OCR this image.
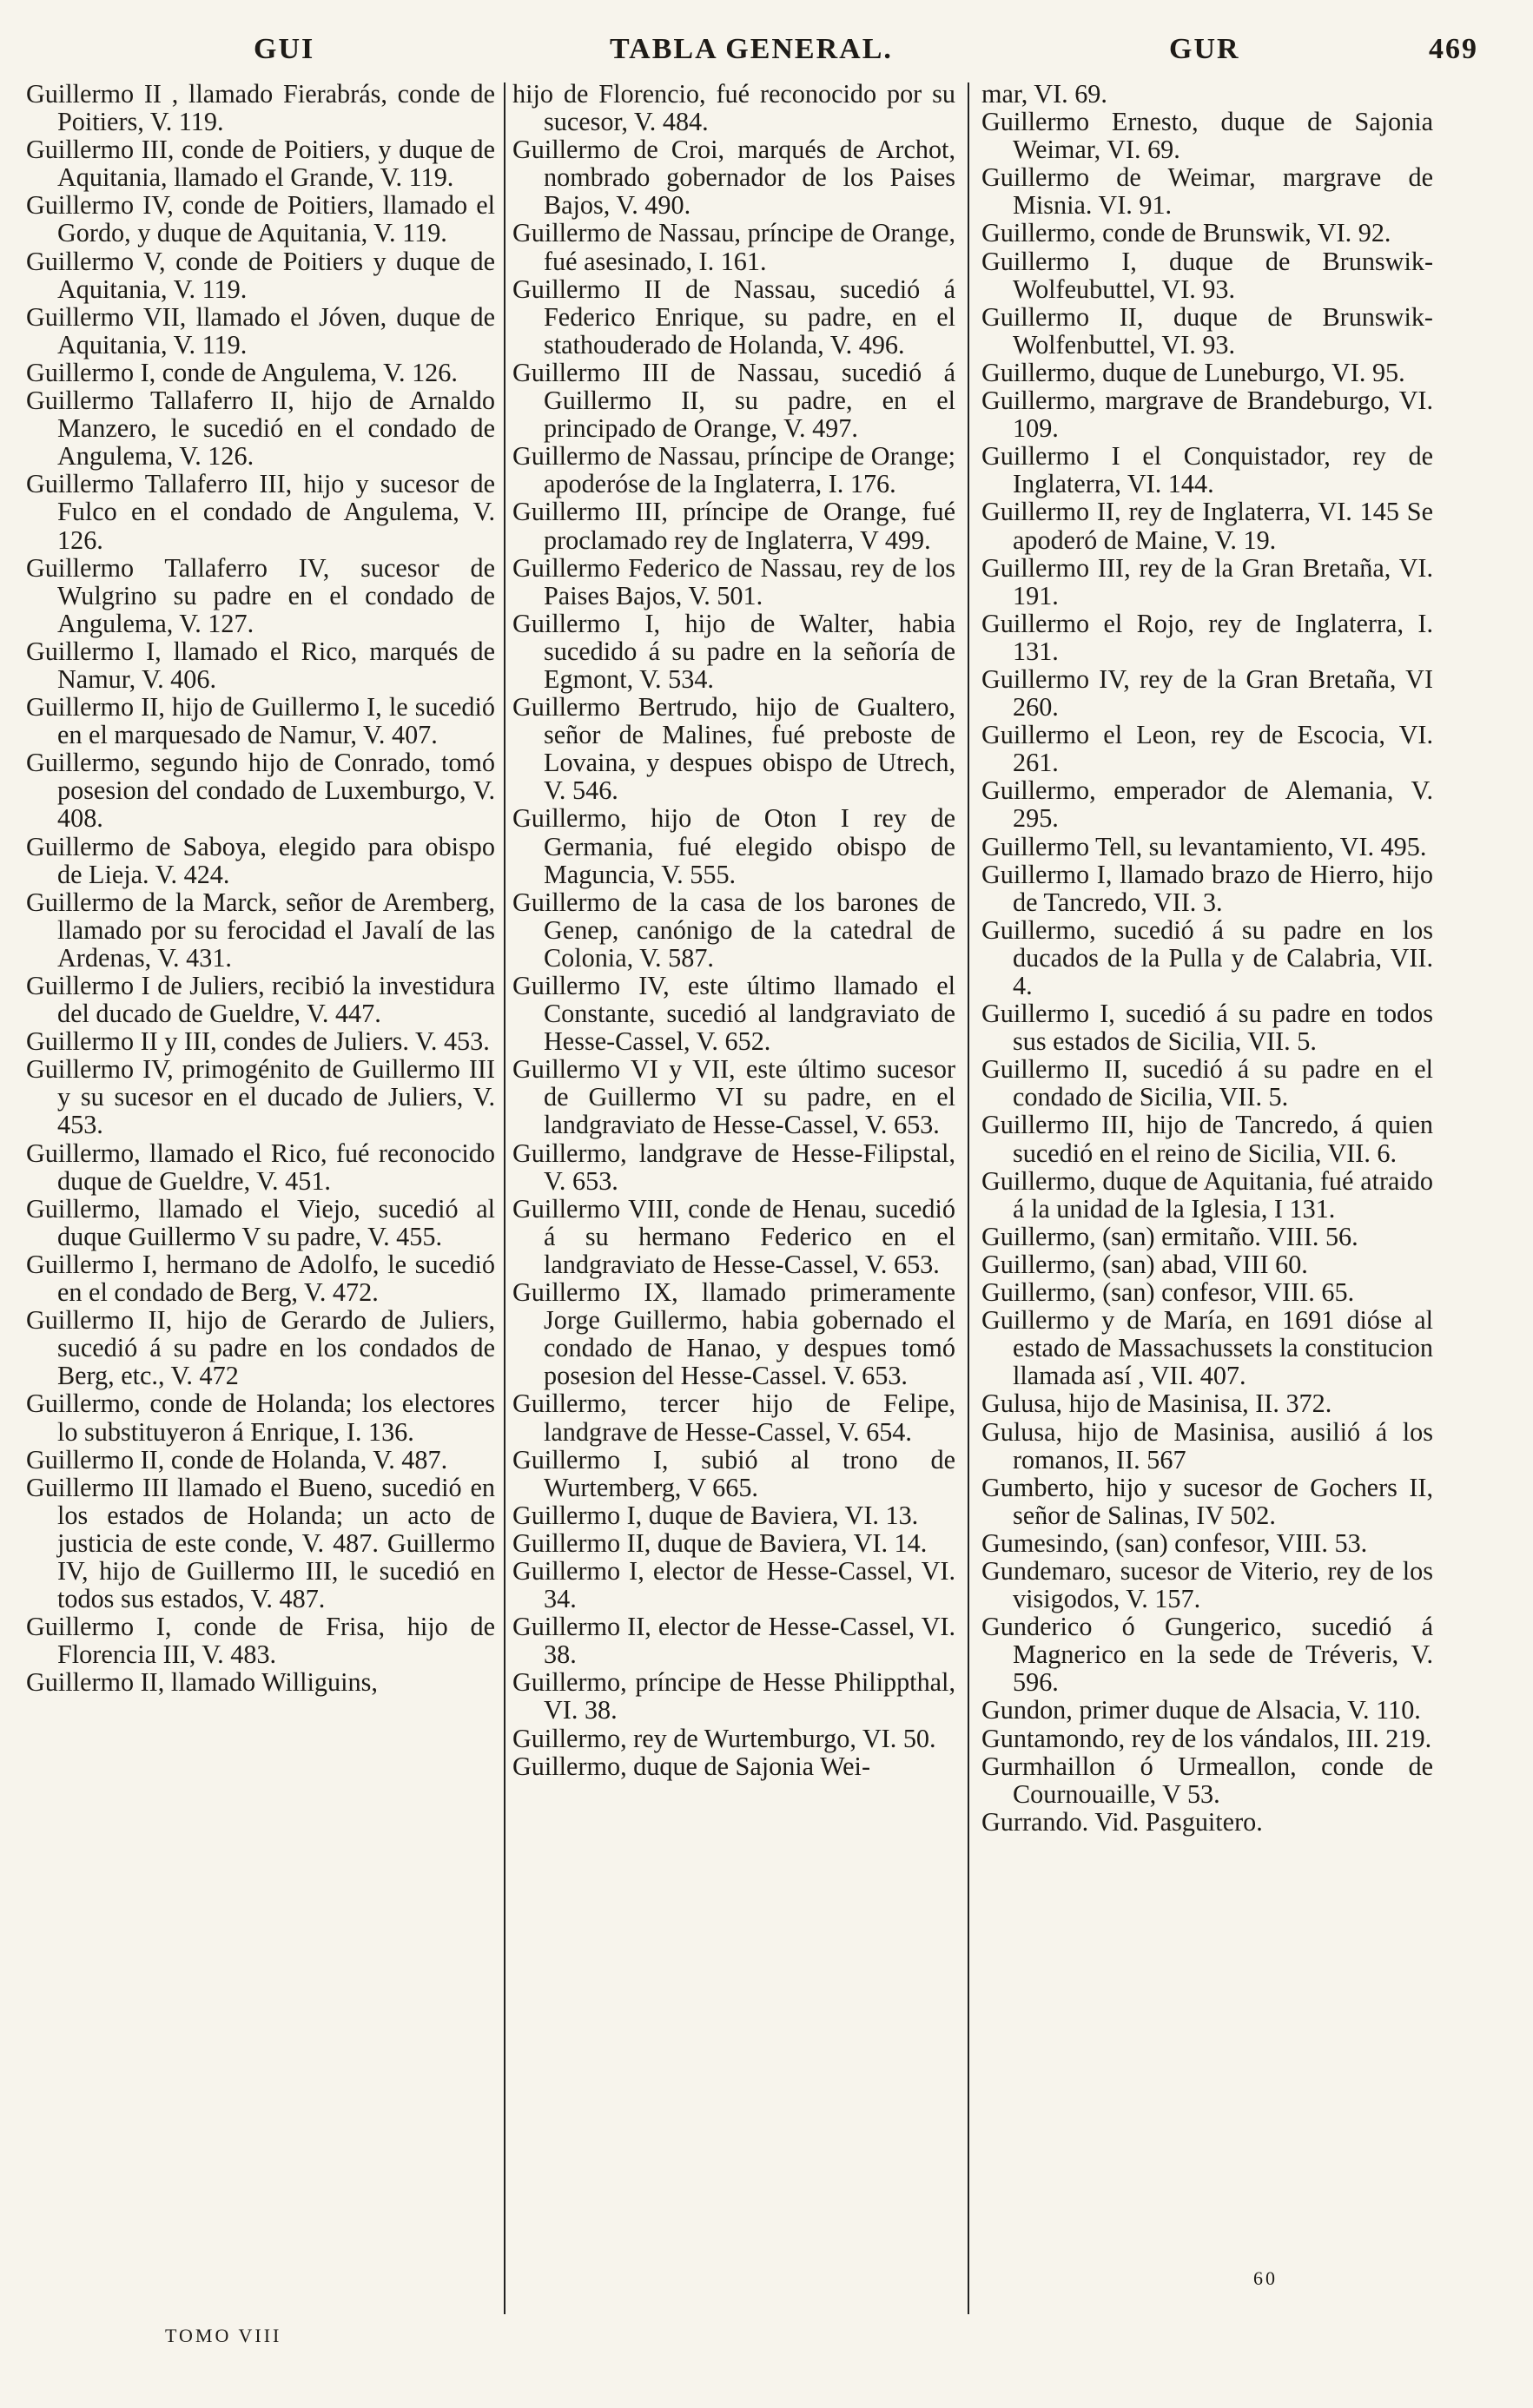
GUI	TABLA GENERAL.	GUR	469
Guillermo II , llamado Fierabrás, conde de Poitiers, V. 119.
Guillermo III, conde de Poitiers, y duque de Aquitania, llamado el Grande, V. 119.
Guillermo IV, conde de Poitiers, llamado el Gordo, y duque de Aquitania, V. 119.
Guillermo V, conde de Poitiers y duque de Aquitania, V. 119.
Guillermo VII, llamado el Jóven, duque de Aquitania, V. 119.
Guillermo I, conde de Angulema, V. 126.
Guillermo Tallaferro II, hijo de Arnaldo Manzero, le sucedió en el condado de Angulema, V. 126.
Guillermo Tallaferro III, hijo y sucesor de Fulco en el condado de Angulema, V. 126.
Guillermo Tallaferro IV, sucesor de Wulgrino su padre en el condado de Angulema, V. 127.
Guillermo I, llamado el Rico, marqués de Namur, V. 406.
Guillermo II, hijo de Guillermo I, le sucedió en el marquesado de Namur, V. 407.
Guillermo, segundo hijo de Conrado, tomó posesion del condado de Luxemburgo, V. 408.
Guillermo de Saboya, elegido para obispo de Lieja. V. 424.
Guillermo de la Marck, señor de Aremberg, llamado por su ferocidad el Javalí de las Ardenas, V. 431.
Guillermo I de Juliers, recibió la investidura del ducado de Gueldre, V. 447.
Guillermo II y III, condes de Juliers. V. 453.
Guillermo IV, primogénito de Guillermo III y su sucesor en el ducado de Juliers, V. 453.
Guillermo, llamado el Rico, fué reconocido duque de Gueldre, V. 451.
Guillermo, llamado el Viejo, sucedió al duque Guillermo V su padre, V. 455.
Guillermo I, hermano de Adolfo, le sucedió en el condado de Berg, V. 472.
Guillermo II, hijo de Gerardo de Juliers, sucedió á su padre en los condados de Berg, etc., V. 472
Guillermo, conde de Holanda; los electores lo substituyeron á Enrique, I. 136.
Guillermo II, conde de Holanda, V. 487.
Guillermo III llamado el Bueno, sucedió en los estados de Holanda; un acto de justicia de este conde, V. 487. Guillermo IV, hijo de Guillermo III, le sucedió en todos sus estados, V. 487.
Guillermo I, conde de Frisa, hijo de Florencia III, V. 483.
Guillermo II, llamado Williguins,
hijo de Florencio, fué reconocido por su sucesor, V. 484.
Guillermo de Croi, marqués de Archot, nombrado gobernador de los Paises Bajos, V. 490.
Guillermo de Nassau, príncipe de Orange, fué asesinado, I. 161.
Guillermo II de Nassau, sucedió á Federico Enrique, su padre, en el stathouderado de Holanda, V. 496.
Guillermo III de Nassau, sucedió á Guillermo II, su padre, en el principado de Orange, V. 497.
Guillermo de Nassau, príncipe de Orange; apoderóse de la Inglaterra, I. 176.
Guillermo III, príncipe de Orange, fué proclamado rey de Inglaterra, V 499.
Guillermo Federico de Nassau, rey de los Paises Bajos, V. 501.
Guillermo I, hijo de Walter, habia sucedido á su padre en la señoría de Egmont, V. 534.
Guillermo Bertrudo, hijo de Gualtero, señor de Malines, fué preboste de Lovaina, y despues obispo de Utrech, V. 546.
Guillermo, hijo de Oton I rey de Germania, fué elegido obispo de Maguncia, V. 555.
Guillermo de la casa de los barones de Genep, canónigo de la catedral de Colonia, V. 587.
Guillermo IV, este último llamado el Constante, sucedió al landgraviato de Hesse-Cassel, V. 652.
Guillermo VI y VII, este último sucesor de Guillermo VI su padre, en el landgraviato de Hesse-Cassel, V. 653.
Guillermo, landgrave de Hesse-Filipstal, V. 653.
Guillermo VIII, conde de Henau, sucedió á su hermano Federico en el landgraviato de Hesse-Cassel, V. 653.
Guillermo IX, llamado primeramente Jorge Guillermo, habia gobernado el condado de Hanao, y despues tomó posesion del Hesse-Cassel. V. 653.
Guillermo, tercer hijo de Felipe, landgrave de Hesse-Cassel, V. 654.
Guillermo I, subió al trono de Wurtemberg, V 665.
Guillermo I, duque de Baviera, VI. 13.
Guillermo II, duque de Baviera, VI. 14.
Guillermo I, elector de Hesse-Cassel, VI. 34.
Guillermo II, elector de Hesse-Cassel, VI. 38.
Guillermo, príncipe de Hesse Philippthal, VI. 38.
Guillermo, rey de Wurtemburgo, VI. 50.
Guillermo, duque de Sajonia Wei-
mar, VI. 69.
Guillermo Ernesto, duque de Sajonia Weimar, VI. 69.
Guillermo de Weimar, margrave de Misnia. VI. 91.
Guillermo, conde de Brunswik, VI. 92.
Guillermo I, duque de Brunswik-Wolfeubuttel, VI. 93.
Guillermo II, duque de Brunswik-Wolfenbuttel, VI. 93.
Guillermo, duque de Luneburgo, VI. 95.
Guillermo, margrave de Brandeburgo, VI. 109.
Guillermo I el Conquistador, rey de Inglaterra, VI. 144.
Guillermo II, rey de Inglaterra, VI. 145 Se apoderó de Maine, V. 19.
Guillermo III, rey de la Gran Bretaña, VI. 191.
Guillermo el Rojo, rey de Inglaterra, I. 131.
Guillermo IV, rey de la Gran Bretaña, VI 260.
Guillermo el Leon, rey de Escocia, VI. 261.
Guillermo, emperador de Alemania, V. 295.
Guillermo Tell, su levantamiento, VI. 495.
Guillermo I, llamado brazo de Hierro, hijo de Tancredo, VII. 3.
Guillermo, sucedió á su padre en los ducados de la Pulla y de Calabria, VII. 4.
Guillermo I, sucedió á su padre en todos sus estados de Sicilia, VII. 5.
Guillermo II, sucedió á su padre en el condado de Sicilia, VII. 5.
Guillermo III, hijo de Tancredo, á quien sucedió en el reino de Sicilia, VII. 6.
Guillermo, duque de Aquitania, fué atraido á la unidad de la Iglesia, I 131.
Guillermo, (san) ermitaño. VIII. 56.
Guillermo, (san) abad, VIII 60.
Guillermo, (san) confesor, VIII. 65.
Guillermo y de María, en 1691 dióse al estado de Massachussets la constitucion llamada así , VII. 407.
Gulusa, hijo de Masinisa, II. 372.
Gulusa, hijo de Masinisa, ausilió á los romanos, II. 567
Gumberto, hijo y sucesor de Gochers II, señor de Salinas, IV 502.
Gumesindo, (san) confesor, VIII. 53.
Gundemaro, sucesor de Viterio, rey de los visigodos, V. 157.
Gunderico ó Gungerico, sucedió á Magnerico en la sede de Tréveris, V. 596.
Gundon, primer duque de Alsacia, V. 110.
Guntamondo, rey de los vándalos, III. 219.
Gurmhaillon ó Urmeallon, conde de Cournouaille, V 53.
Gurrando. Vid. Pasguitero.
60
TOMO VIII
